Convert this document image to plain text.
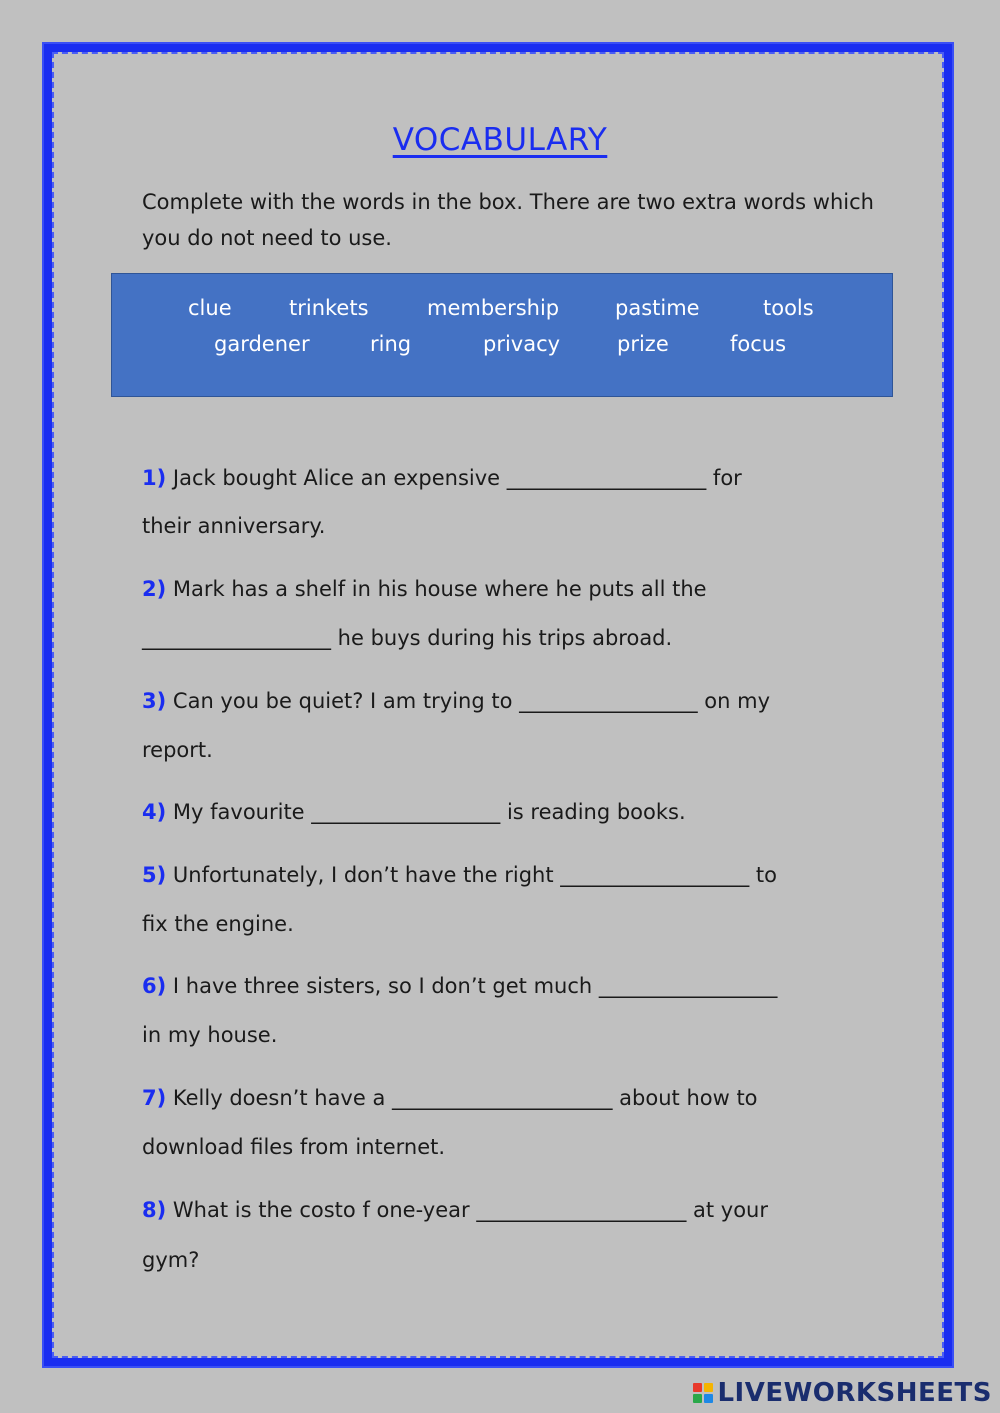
VOCABULARY
Complete with the words in the box. There are two extra words which you do not need to use.
clue	trinkets	membership	pastime	tools
gardener	ring	privacy	prize	focus
1) Jack bought Alice an expensive ___________________ for
their anniversary.
2) Mark has a shelf in his house where he puts all the
__________________ he buys during his trips abroad.
3) Can you be quiet? I am trying to _________________ on my
report.
4) My favourite __________________ is reading books.
5) Unfortunately, I don’t have the right __________________ to
fix the engine.
6) I have three sisters, so I don’t get much _________________
in my house.
7) Kelly doesn’t have a _____________________ about how to
download files from internet.
8) What is the costo f one-year ____________________ at your
gym?
LIVEWORKSHEETS
